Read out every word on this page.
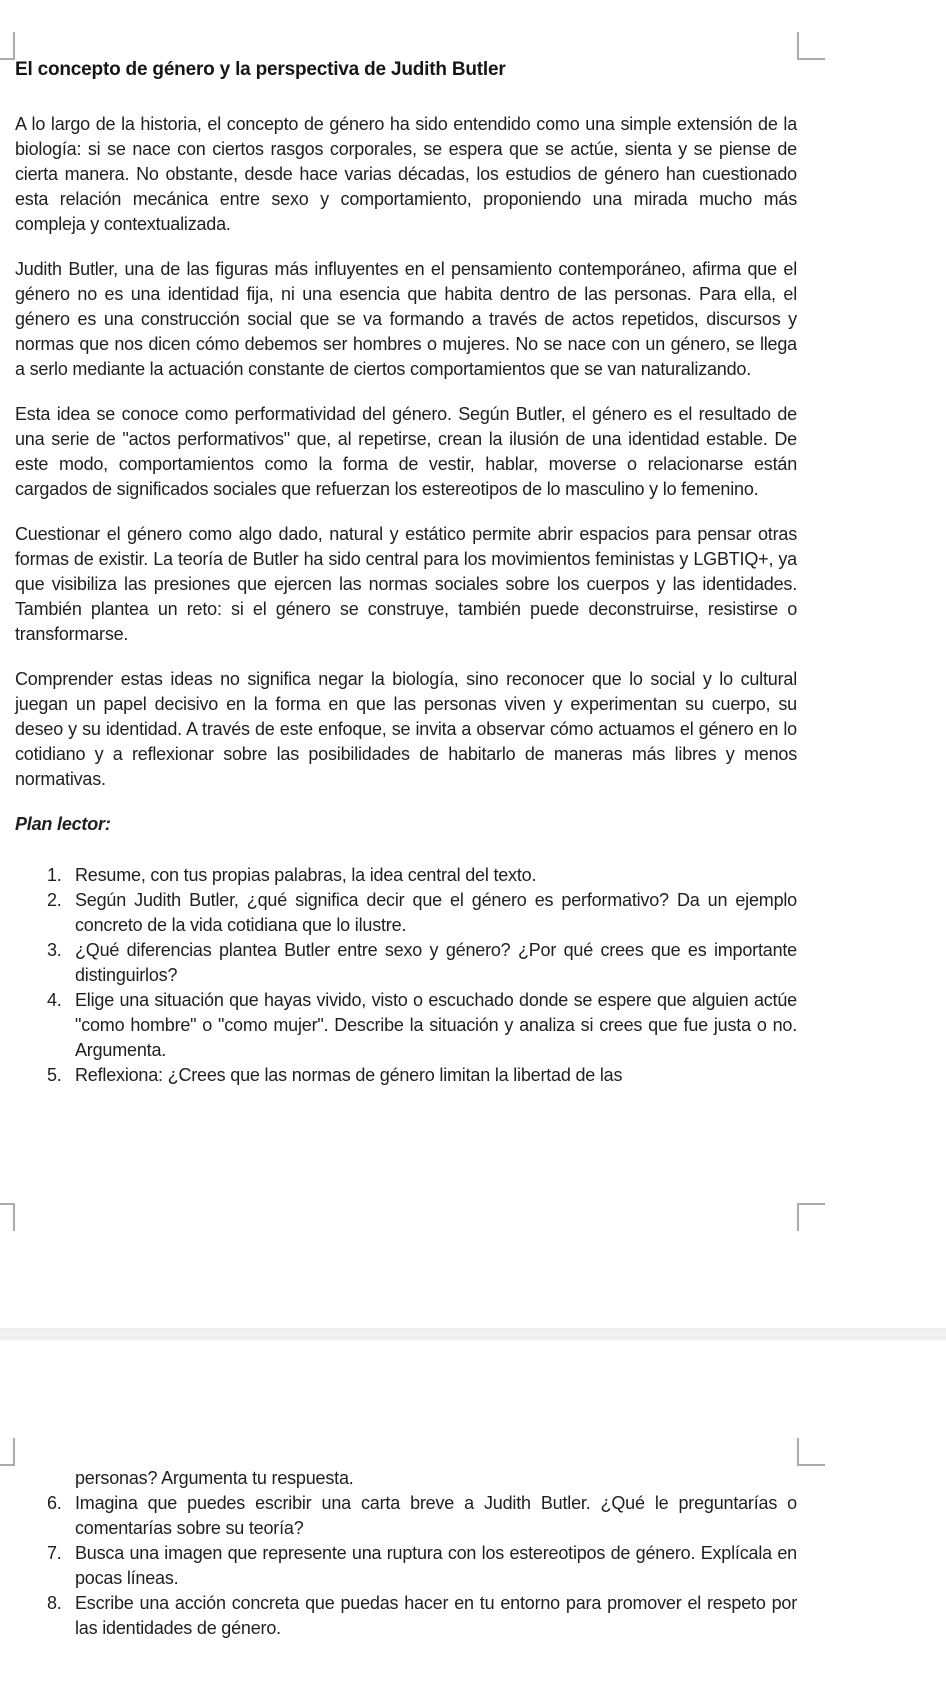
El concepto de género y la perspectiva de Judith Butler

A lo largo de la historia, el concepto de género ha sido entendido como una simple extensión de la biología: si se nace con ciertos rasgos corporales, se espera que se actúe, sienta y se piense de cierta manera. No obstante, desde hace varias décadas, los estudios de género han cuestionado esta relación mecánica entre sexo y comportamiento, proponiendo una mirada mucho más compleja y contextualizada.

Judith Butler, una de las figuras más influyentes en el pensamiento contemporáneo, afirma que el género no es una identidad fija, ni una esencia que habita dentro de las personas. Para ella, el género es una construcción social que se va formando a través de actos repetidos, discursos y normas que nos dicen cómo debemos ser hombres o mujeres. No se nace con un género, se llega a serlo mediante la actuación constante de ciertos comportamientos que se van naturalizando.

Esta idea se conoce como performatividad del género. Según Butler, el género es el resultado de una serie de "actos performativos" que, al repetirse, crean la ilusión de una identidad estable. De este modo, comportamientos como la forma de vestir, hablar, moverse o relacionarse están cargados de significados sociales que refuerzan los estereotipos de lo masculino y lo femenino.

Cuestionar el género como algo dado, natural y estático permite abrir espacios para pensar otras formas de existir. La teoría de Butler ha sido central para los movimientos feministas y LGBTIQ+, ya que visibiliza las presiones que ejercen las normas sociales sobre los cuerpos y las identidades. También plantea un reto: si el género se construye, también puede deconstruirse, resistirse o transformarse.

Comprender estas ideas no significa negar la biología, sino reconocer que lo social y lo cultural juegan un papel decisivo en la forma en que las personas viven y experimentan su cuerpo, su deseo y su identidad. A través de este enfoque, se invita a observar cómo actuamos el género en lo cotidiano y a reflexionar sobre las posibilidades de habitarlo de maneras más libres y menos normativas.

Plan lector:
1. Resume, con tus propias palabras, la idea central del texto.
2. Según Judith Butler, ¿qué significa decir que el género es performativo? Da un ejemplo concreto de la vida cotidiana que lo ilustre.
3. ¿Qué diferencias plantea Butler entre sexo y género? ¿Por qué crees que es importante distinguirlos?
4. Elige una situación que hayas vivido, visto o escuchado donde se espere que alguien actúe "como hombre" o "como mujer". Describe la situación y analiza si crees que fue justa o no. Argumenta.
5. Reflexiona: ¿Crees que las normas de género limitan la libertad de las
personas? Argumenta tu respuesta.
6. Imagina que puedes escribir una carta breve a Judith Butler. ¿Qué le preguntarías o comentarías sobre su teoría?
7. Busca una imagen que represente una ruptura con los estereotipos de género. Explícala en pocas líneas.
8. Escribe una acción concreta que puedas hacer en tu entorno para promover el respeto por las identidades de género.
